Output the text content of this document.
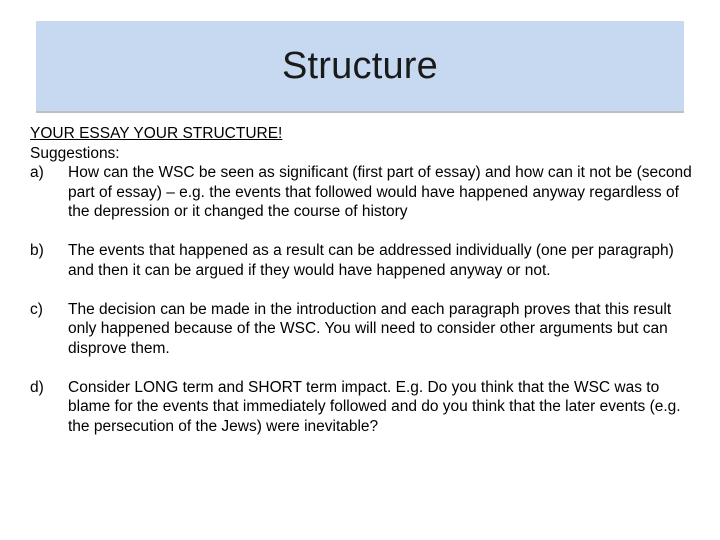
Structure
YOUR ESSAY YOUR STRUCTURE!
Suggestions:
a)	How can the WSC be seen as significant (first part of essay) and how can it not be (second part of essay) – e.g. the events that followed would have happened anyway regardless of the depression or it changed the course of history
b)	The events that happened as a result can be addressed individually (one per paragraph) and then it can be argued if they would have happened anyway or not.
c)	The decision can be made in the introduction and each paragraph proves that this result only happened because of the WSC. You will need to consider other arguments but can disprove them.
d)	Consider LONG term and SHORT term impact. E.g. Do you think that the WSC was to blame for the events that immediately followed and do you think that the later events (e.g. the persecution of the Jews) were inevitable?
